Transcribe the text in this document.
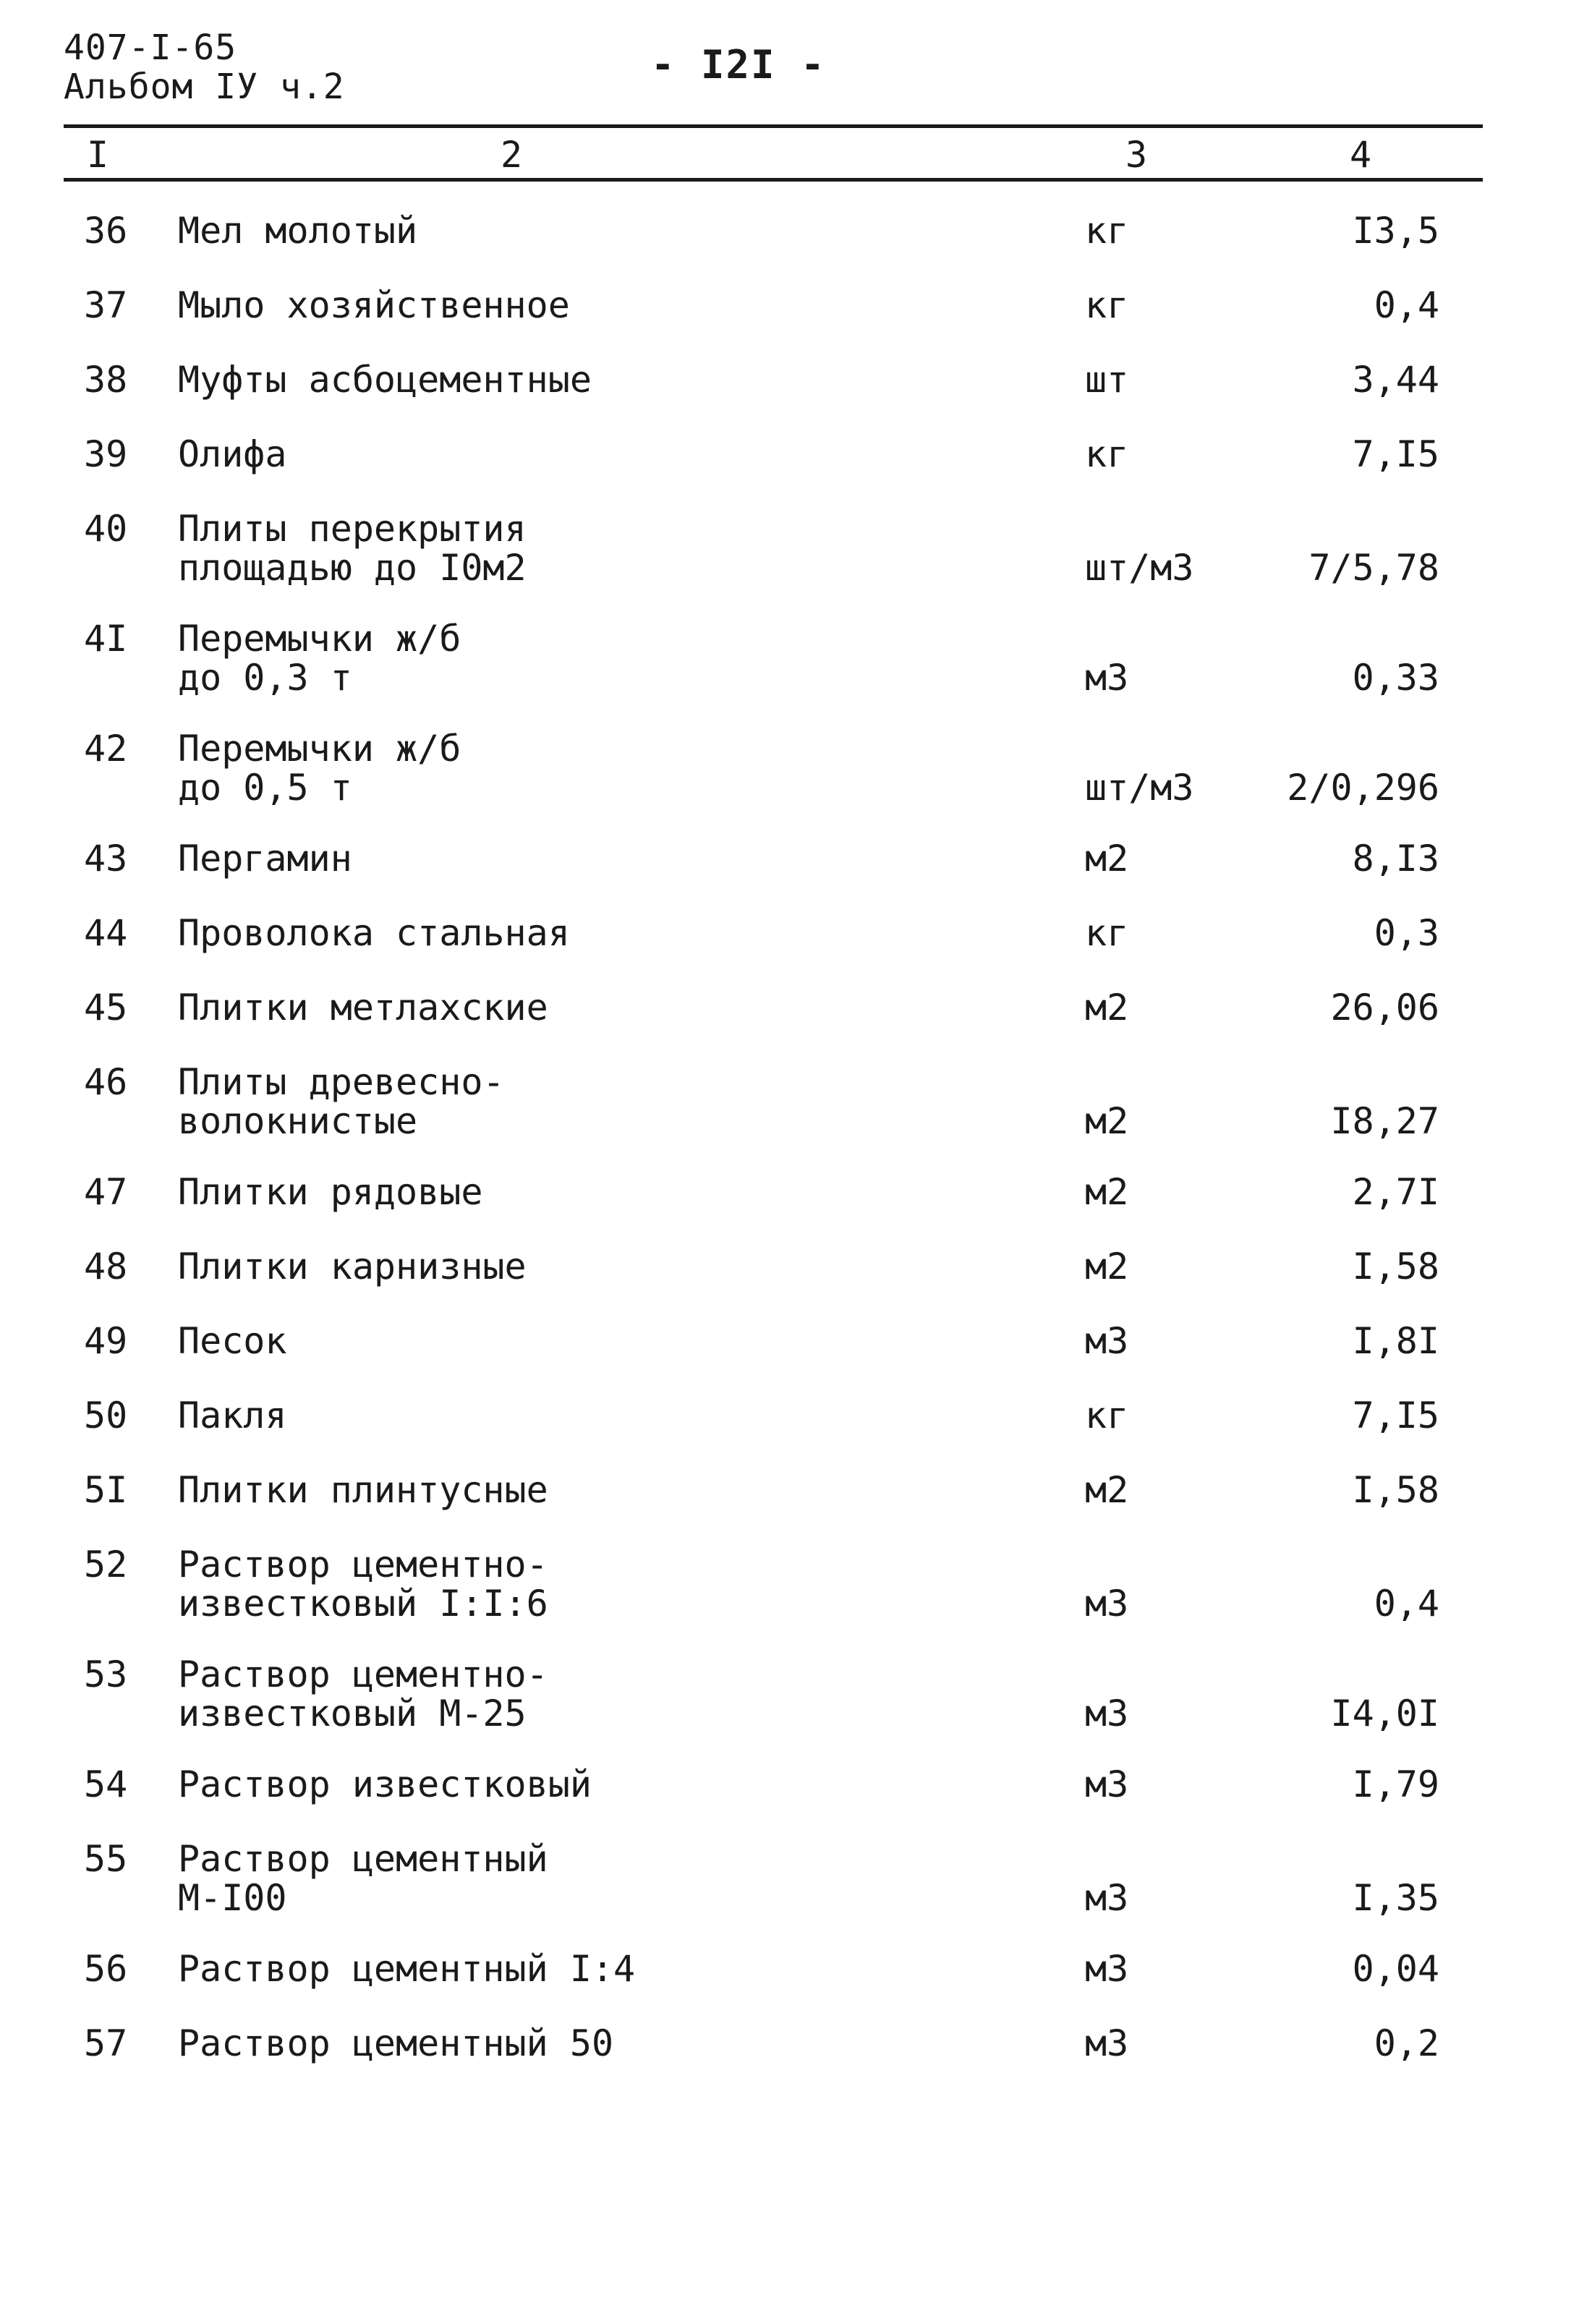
407-I-65
Альбом IУ ч.2	- I2I -
I	2	3	4
36 Мел молотый	кг	I3,5
37 Мыло хозяйственное	кг	0,4
38 Муфты асбоцементные	шт	3,44
39 Олифа	кг	7,I5
40 Плиты перекрытия
площадью до I0м2	шт/м3	7/5,78
4I Перемычки ж/б
до 0,3 т	м3	0,33
42 Перемычки ж/б
до 0,5 т	шт/м3	2/0,296
43 Пергамин	м2	8,I3
44 Проволока стальная	кг	0,3
45 Плитки метлахские	м2	26,06
46 Плиты древесно-
волокнистые	м2	I8,27
47 Плитки рядовые	м2	2,7I
48 Плитки карнизные	м2	I,58
49 Песок	м3	I,8I
50 Пакля	кг	7,I5
5I Плитки плинтусные	м2	I,58
52 Раствор цементно-
известковый I:I:6	м3	0,4
53 Раствор цементно-
известковый М-25	м3	I4,0I
54 Раствор известковый	м3	I,79
55 Раствор цементный
М-I00	м3	I,35
56 Раствор цементный I:4	м3	0,04
57 Раствор цементный 50	м3	0,2
